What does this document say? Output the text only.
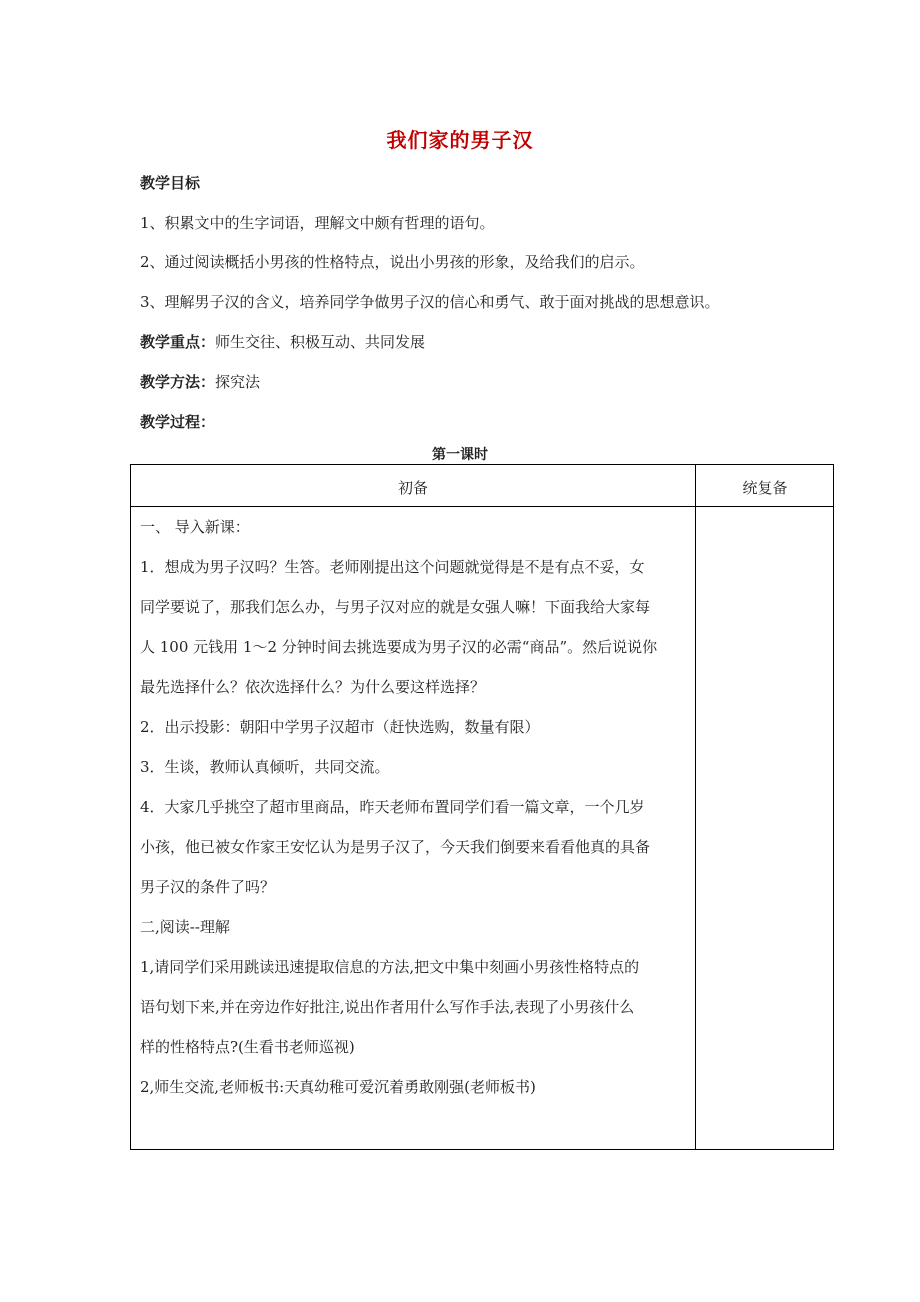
我们家的男子汉
教学目标
1、积累文中的生字词语，理解文中颇有哲理的语句。
2、通过阅读概括小男孩的性格特点，说出小男孩的形象，及给我们的启示。
3、理解男子汉的含义，培养同学争做男子汉的信心和勇气、敢于面对挑战的思想意识。
教学重点：师生交往、积极互动、共同发展
教学方法：探究法
教学过程：
第一课时
初备	统复备

一、 导入新课：

1．想成为男子汉吗？生答。老师刚提出这个问题就觉得是不是有点不妥，女

同学要说了，那我们怎么办，与男子汉对应的就是女强人嘛！下面我给大家每

人 100 元钱用 1～2 分钟时间去挑选要成为男子汉的必需“商品”。然后说说你

最先选择什么？依次选择什么？为什么要这样选择？

2．出示投影：朝阳中学男子汉超市（赶快选购，数量有限）

3．生谈，教师认真倾听，共同交流。

4．大家几乎挑空了超市里商品，昨天老师布置同学们看一篇文章，一个几岁

小孩，他已被女作家王安忆认为是男子汉了，今天我们倒要来看看他真的具备

男子汉的条件了吗？

二,阅读--理解

1,请同学们采用跳读迅速提取信息的方法,把文中集中刻画小男孩性格特点的

语句划下来,并在旁边作好批注,说出作者用什么写作手法,表现了小男孩什么

样的性格特点?(生看书老师巡视)

2,师生交流,老师板书:天真幼稚可爱沉着勇敢刚强(老师板书)
